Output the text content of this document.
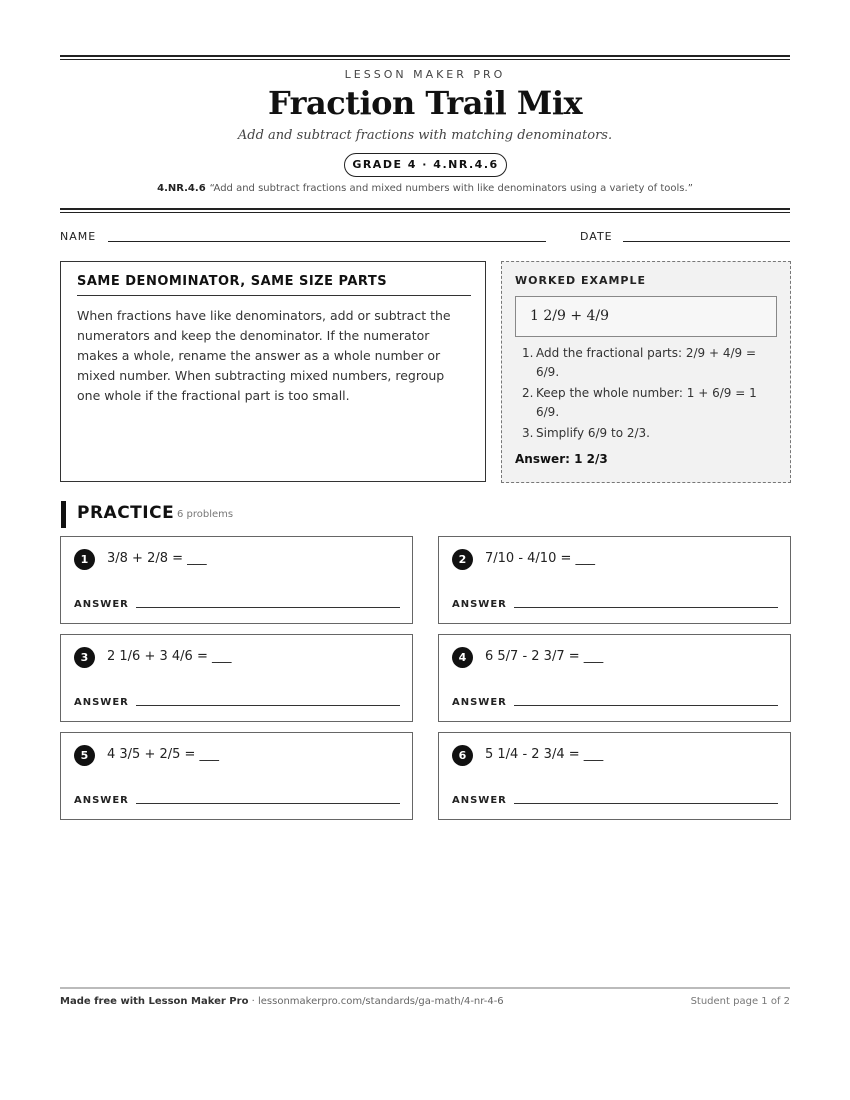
LESSON MAKER PRO
Fraction Trail Mix
Add and subtract fractions with matching denominators.
GRADE 4 · 4.NR.4.6
4.NR.4.6 “Add and subtract fractions and mixed numbers with like denominators using a variety of tools.”
NAME	DATE
SAME DENOMINATOR, SAME SIZE PARTS
When fractions have like denominators, add or subtract the numerators and keep the denominator. If the numerator makes a whole, rename the answer as a whole number or mixed number. When subtracting mixed numbers, regroup one whole if the fractional part is too small.
WORKED EXAMPLE
1 2/9 + 4/9
1. Add the fractional parts: 2/9 + 4/9 = 6/9.
2. Keep the whole number: 1 + 6/9 = 1 6/9.
3. Simplify 6/9 to 2/3.
Answer: 1 2/3
PRACTICE 6 problems
1	3/8 + 2/8 = ___
ANSWER
2	7/10 - 4/10 = ___
ANSWER
3	2 1/6 + 3 4/6 = ___
ANSWER
4	6 5/7 - 2 3/7 = ___
ANSWER
5	4 3/5 + 2/5 = ___
ANSWER
6	5 1/4 - 2 3/4 = ___
ANSWER
Made free with Lesson Maker Pro · lessonmakerpro.com/standards/ga-math/4-nr-4-6	Student page 1 of 2
